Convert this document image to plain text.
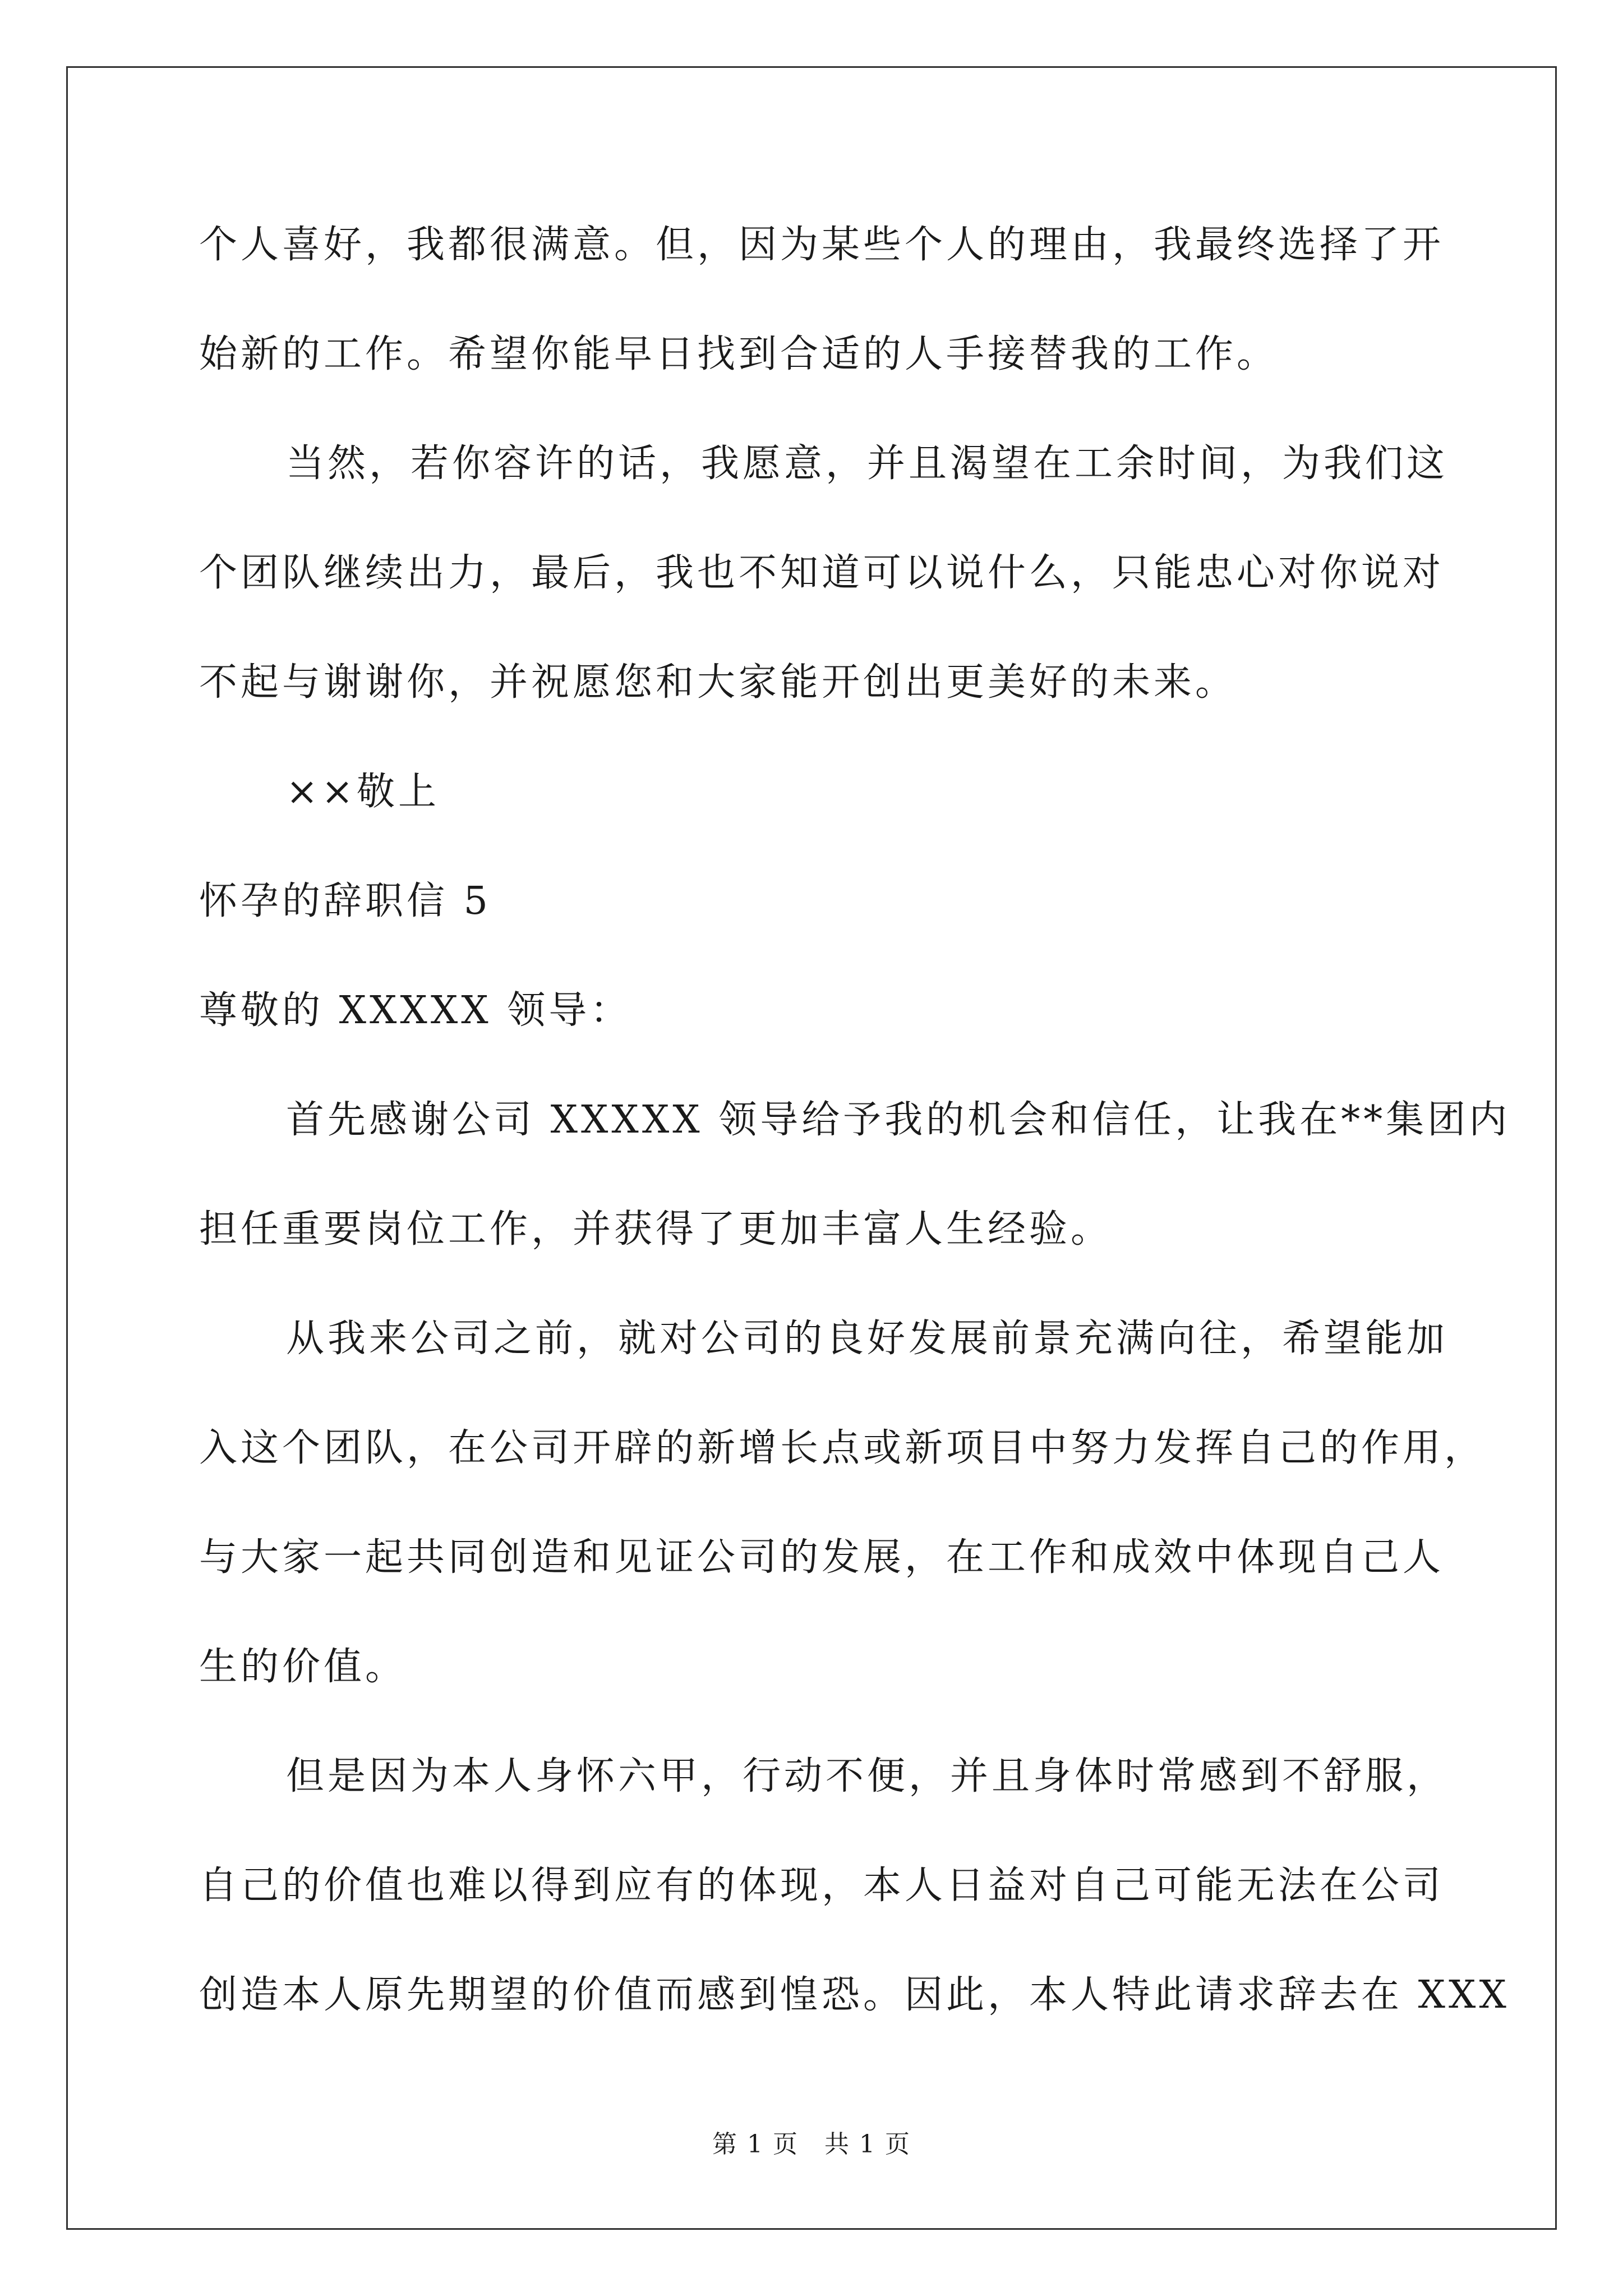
个人喜好，我都很满意。但，因为某些个人的理由，我最终选择了开
始新的工作。希望你能早日找到合适的人手接替我的工作。
当然，若你容许的话，我愿意，并且渴望在工余时间，为我们这
个团队继续出力，最后，我也不知道可以说什么，只能忠心对你说对
不起与谢谢你，并祝愿您和大家能开创出更美好的未来。
××敬上
怀孕的辞职信 5
尊敬的 XXXXX 领导：
首先感谢公司 XXXXX 领导给予我的机会和信任，让我在**集团内
担任重要岗位工作，并获得了更加丰富人生经验。
从我来公司之前，就对公司的良好发展前景充满向往，希望能加
入这个团队，在公司开辟的新增长点或新项目中努力发挥自己的作用，
与大家一起共同创造和见证公司的发展，在工作和成效中体现自己人
生的价值。
但是因为本人身怀六甲，行动不便，并且身体时常感到不舒服，
自己的价值也难以得到应有的体现，本人日益对自己可能无法在公司
创造本人原先期望的价值而感到惶恐。因此，本人特此请求辞去在 XXX
第 1 页　共 1 页
